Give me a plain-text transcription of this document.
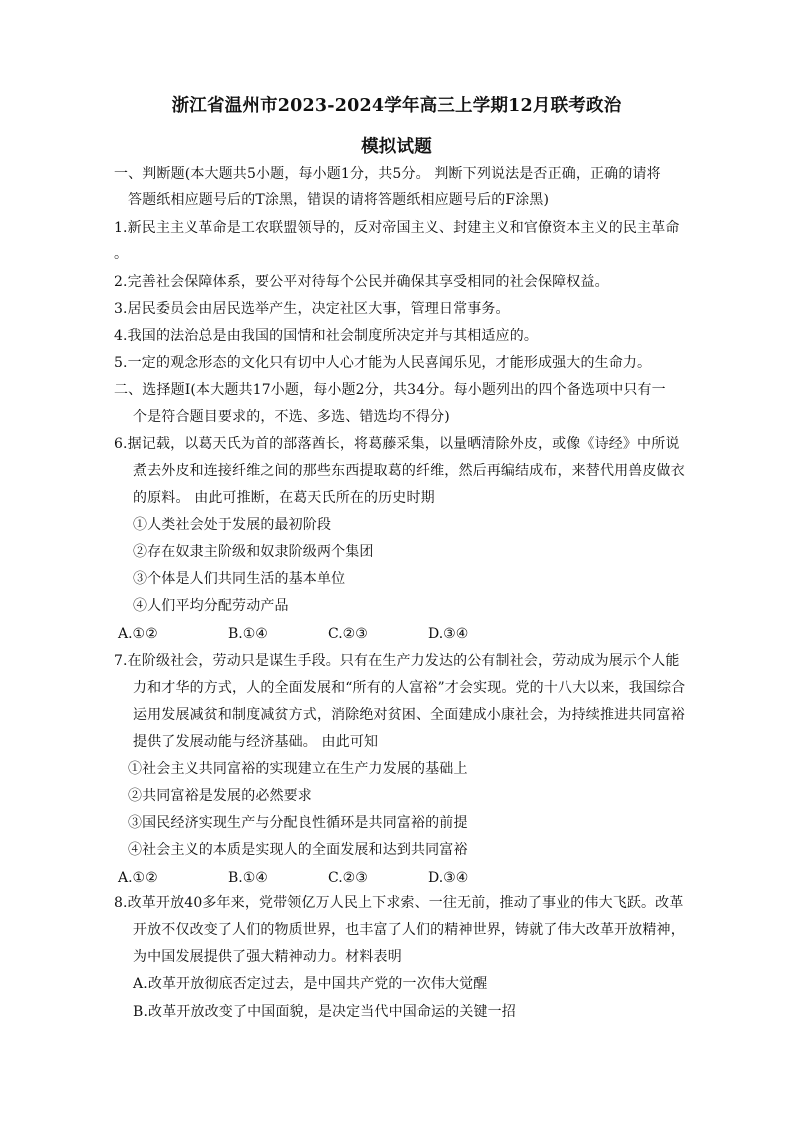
浙江省温州市2023-2024学年高三上学期12月联考政治
模拟试题
一、判断题(本大题共5小题，每小题1分，共5分。 判断下列说法是否正确，正确的请将
答题纸相应题号后的T涂黑，错误的请将答题纸相应题号后的F涂黑)
1.新民主主义革命是工农联盟领导的，反对帝国主义、封建主义和官僚资本主义的民主革命
。
2.完善社会保障体系，要公平对待每个公民并确保其享受相同的社会保障权益。
3.居民委员会由居民选举产生，决定社区大事，管理日常事务。
4.我国的法治总是由我国的国情和社会制度所决定并与其相适应的。
5.一定的观念形态的文化只有切中人心才能为人民喜闻乐见，才能形成强大的生命力。
二、选择题Ⅰ(本大题共17小题，每小题2分，共34分。每小题列出的四个备选项中只有一
个是符合题目要求的，不选、多选、错选均不得分)
6.据记载，以葛天氏为首的部落酋长，将葛藤采集，以量晒清除外皮，或像《诗经》中所说
煮去外皮和连接纤维之间的那些东西提取葛的纤维，然后再编结成布，来替代用兽皮做衣
的原料。 由此可推断，在葛天氏所在的历史时期
①人类社会处于发展的最初阶段
②存在奴隶主阶级和奴隶阶级两个集团
③个体是人们共同生活的基本单位
④人们平均分配劳动产品
A.①②	B.①④	C.②③	D.③④
7.在阶级社会，劳动只是谋生手段。只有在生产力发达的公有制社会，劳动成为展示个人能
力和才华的方式，人的全面发展和“所有的人富裕”才会实现。党的十八大以来，我国综合
运用发展减贫和制度减贫方式，消除绝对贫困、全面建成小康社会，为持续推进共同富裕
提供了发展动能与经济基础。 由此可知
①社会主义共同富裕的实现建立在生产力发展的基础上
②共同富裕是发展的必然要求
③国民经济实现生产与分配良性循环是共同富裕的前提
④社会主义的本质是实现人的全面发展和达到共同富裕
A.①②	B.①④	C.②③	D.③④
8.改革开放40多年来，党带领亿万人民上下求索、一往无前，推动了事业的伟大飞跃。改革
开放不仅改变了人们的物质世界，也丰富了人们的精神世界，铸就了伟大改革开放精神，
为中国发展提供了强大精神动力。材料表明
A.改革开放彻底否定过去，是中国共产党的一次伟大觉醒
B.改革开放改变了中国面貌，是决定当代中国命运的关键一招
